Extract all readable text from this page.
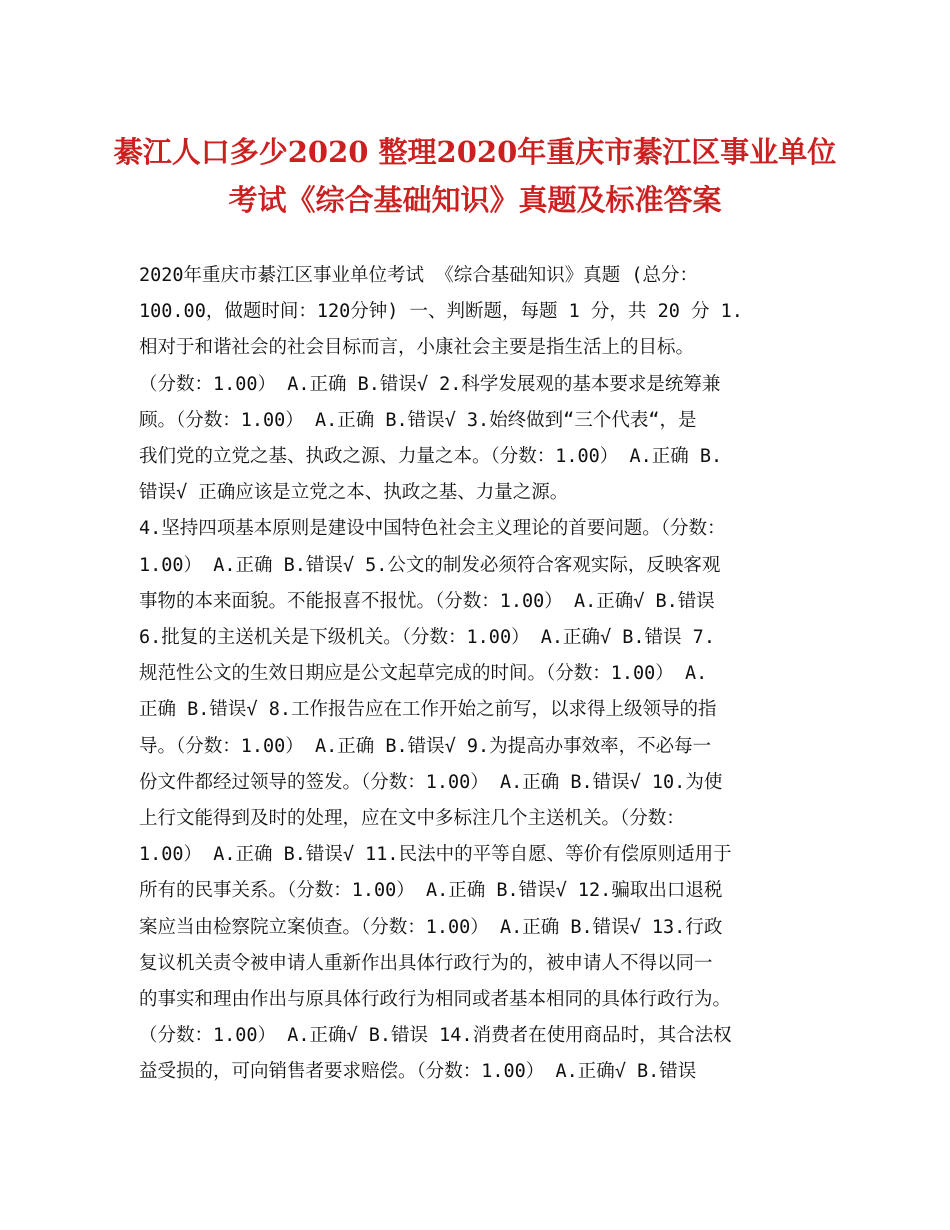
綦江人口多少2020 整理2020年重庆市綦江区事业单位
考试《综合基础知识》真题及标准答案
2020年重庆市綦江区事业单位考试 《综合基础知识》真题 (总分：
100.00，做题时间：120分钟) 一、判断题，每题 1 分，共 20 分 1.
相对于和谐社会的社会目标而言，小康社会主要是指生活上的目标。
（分数：1.00） A.正确 B.错误√ 2.科学发展观的基本要求是统筹兼
顾。（分数：1.00） A.正确 B.错误√ 3.始终做到“三个代表“，是
我们党的立党之基、执政之源、力量之本。（分数：1.00） A.正确 B.
错误√ 正确应该是立党之本、执政之基、力量之源。
4.坚持四项基本原则是建设中国特色社会主义理论的首要问题。（分数：
1.00） A.正确 B.错误√ 5.公文的制发必须符合客观实际，反映客观
事物的本来面貌。不能报喜不报忧。（分数：1.00） A.正确√ B.错误
6.批复的主送机关是下级机关。（分数：1.00） A.正确√ B.错误 7.
规范性公文的生效日期应是公文起草完成的时间。（分数：1.00） A.
正确 B.错误√ 8.工作报告应在工作开始之前写，以求得上级领导的指
导。（分数：1.00） A.正确 B.错误√ 9.为提高办事效率，不必每一
份文件都经过领导的签发。（分数：1.00） A.正确 B.错误√ 10.为使
上行文能得到及时的处理，应在文中多标注几个主送机关。（分数：
1.00） A.正确 B.错误√ 11.民法中的平等自愿、等价有偿原则适用于
所有的民事关系。（分数：1.00） A.正确 B.错误√ 12.骗取出口退税
案应当由检察院立案侦查。（分数：1.00） A.正确 B.错误√ 13.行政
复议机关责令被申请人重新作出具体行政行为的，被申请人不得以同一
的事实和理由作出与原具体行政行为相同或者基本相同的具体行政行为。
（分数：1.00） A.正确√ B.错误 14.消费者在使用商品时，其合法权
益受损的，可向销售者要求赔偿。（分数：1.00） A.正确√ B.错误
